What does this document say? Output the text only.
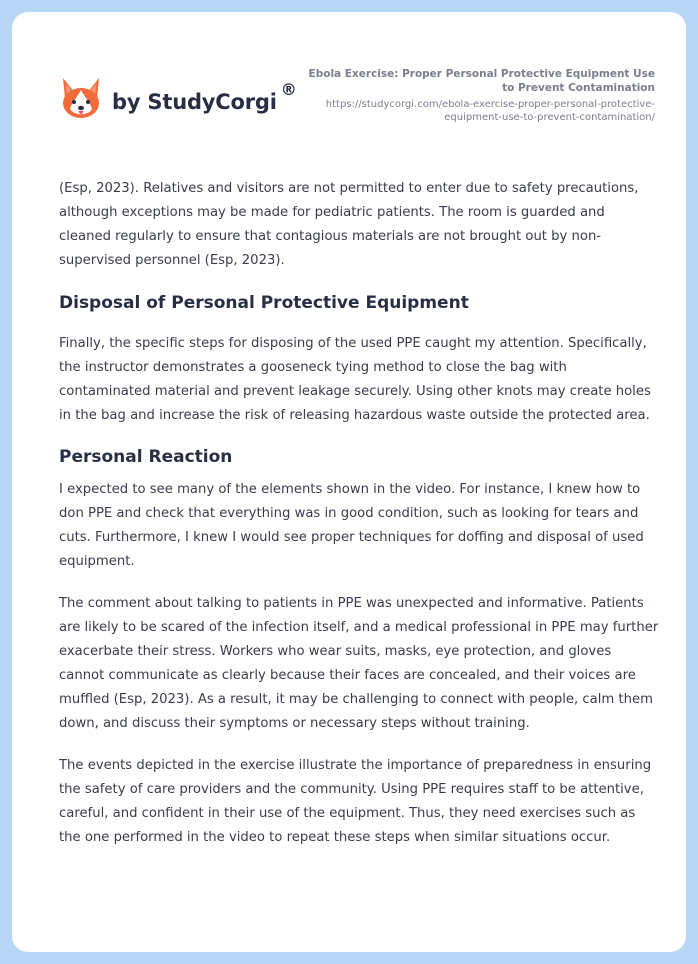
by StudyCorgi
®
Ebola Exercise: Proper Personal Protective Equipment Use to Prevent Contamination
https://studycorgi.com/ebola-exercise-proper-personal-protective-equipment-use-to-prevent-contamination/

(Esp, 2023). Relatives and visitors are not permitted to enter due to safety precautions, although exceptions may be made for pediatric patients. The room is guarded and cleaned regularly to ensure that contagious materials are not brought out by non-supervised personnel (Esp, 2023).

Disposal of Personal Protective Equipment

Finally, the specific steps for disposing of the used PPE caught my attention. Specifically, the instructor demonstrates a gooseneck tying method to close the bag with contaminated material and prevent leakage securely. Using other knots may create holes in the bag and increase the risk of releasing hazardous waste outside the protected area.

Personal Reaction

I expected to see many of the elements shown in the video. For instance, I knew how to don PPE and check that everything was in good condition, such as looking for tears and cuts. Furthermore, I knew I would see proper techniques for doffing and disposal of used equipment.

The comment about talking to patients in PPE was unexpected and informative. Patients are likely to be scared of the infection itself, and a medical professional in PPE may further exacerbate their stress. Workers who wear suits, masks, eye protection, and gloves cannot communicate as clearly because their faces are concealed, and their voices are muffled (Esp, 2023). As a result, it may be challenging to connect with people, calm them down, and discuss their symptoms or necessary steps without training.

The events depicted in the exercise illustrate the importance of preparedness in ensuring the safety of care providers and the community. Using PPE requires staff to be attentive, careful, and confident in their use of the equipment. Thus, they need exercises such as the one performed in the video to repeat these steps when similar situations occur.
